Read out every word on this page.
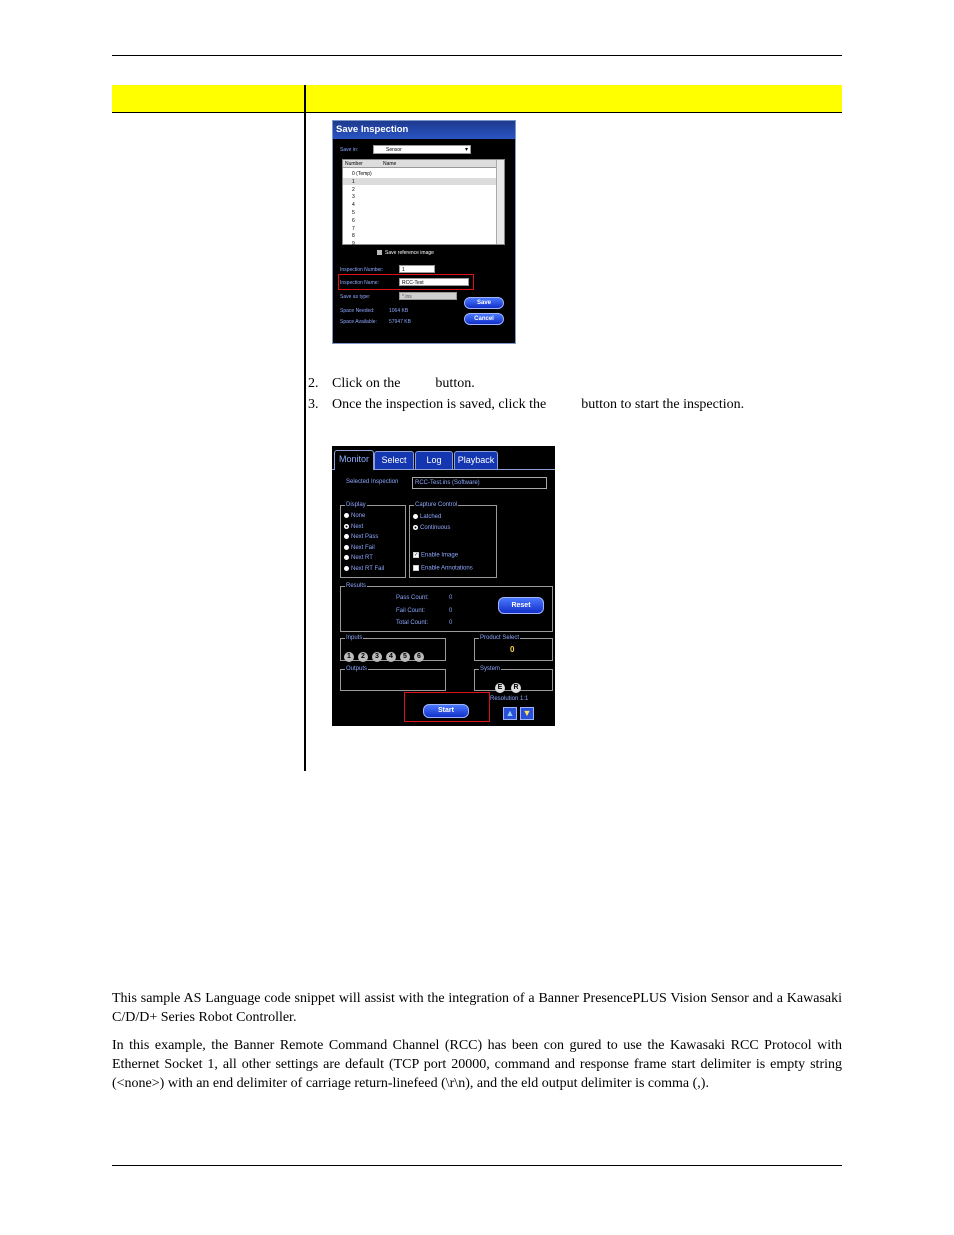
Save Inspection
Save in:	Sensor	▾
Number	Name
0 (Temp)
1
2
3
4
5
6
7
8
9
Save reference image
Inspection Number:	1
Inspection Name:	RCC-Test
Save as type:	*.ins
Space Needed:	1064 KB
Space Available: 57947 KB
Save
Cancel
2. Click on the          button.
3. Once the inspection is saved, click the          button to start the inspection.
Monitor	Select	Log	Playback
Selected Inspection	RCC-Test.ins (Software)
Display
None
Next
Next Pass
Next Fail
Next RT
Next RT Fail
Capture Control
Latched
Continuous
✓ Enable Image
Enable Annotations
Results
Pass Count:	0
Fail Count:	0
Total Count:	0
Reset
Inputs
1 2 3 4 5 6
Product Select
0
Outputs	System
E R
Start
Resolution 1:1
▲ ▼
This sample AS Language code snippet will assist with the integration of a Banner PresencePLUS Vision Sensor and a Kawasaki C/D/D+ Series Robot Controller.
In this example, the Banner Remote Command Channel (RCC) has been con gured to use the Kawasaki RCC Protocol with Ethernet Socket 1, all other settings are default (TCP port 20000, command and response frame start delimiter is empty string (<none>) with an end delimiter of carriage return-linefeed (\r\n), and the eld output delimiter is comma (,).
